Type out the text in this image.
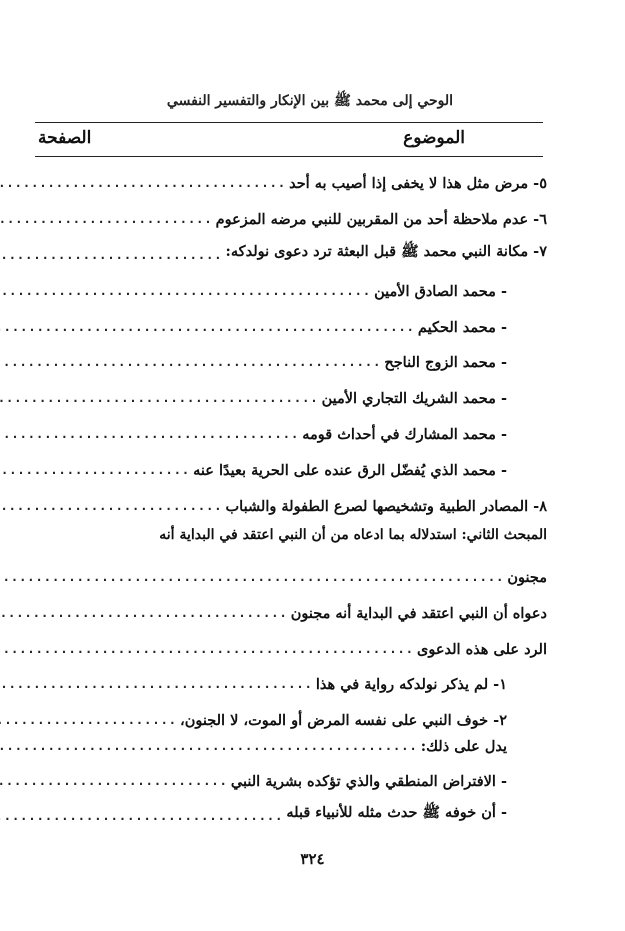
الوحي إلى محمد ﷺ بين الإنكار والتفسير النفسي
الموضوع
الصفحة
٥- مرض مثل هذا لا يخفى إذا أصيب به أحد
.....
٦- عدم ملاحظة أحد من المقربين للنبي مرضه المزعوم
.....
٧- مكانة النبي محمد ﷺ قبل البعثة ترد دعوى نولدكه:
.....
- محمد الصادق الأمين
.....
- محمد الحكيم
.....
- محمد الزوج الناجح
.....
- محمد الشريك التجاري الأمين
.....
- محمد المشارك في أحداث قومه
.....
- محمد الذي يُفضّل الرق عنده على الحرية بعيدًا عنه
.....
٨- المصادر الطبية وتشخيصها لصرع الطفولة والشباب
.....
المبحث الثاني: استدلاله بما ادعاه من أن النبي اعتقد في البداية أنه
مجنون
.....
دعواه أن النبي اعتقد في البداية أنه مجنون
.....
الرد على هذه الدعوى
.....
١- لم يذكر نولدكه رواية في هذا
.....
٢- خوف النبي على نفسه المرض أو الموت، لا الجنون،
.....
يدل على ذلك:
.....
- الافتراض المنطقي والذي تؤكده بشرية النبي
.....
- أن خوفه ﷺ حدث مثله للأنبياء قبله
.....
٣٢٤
